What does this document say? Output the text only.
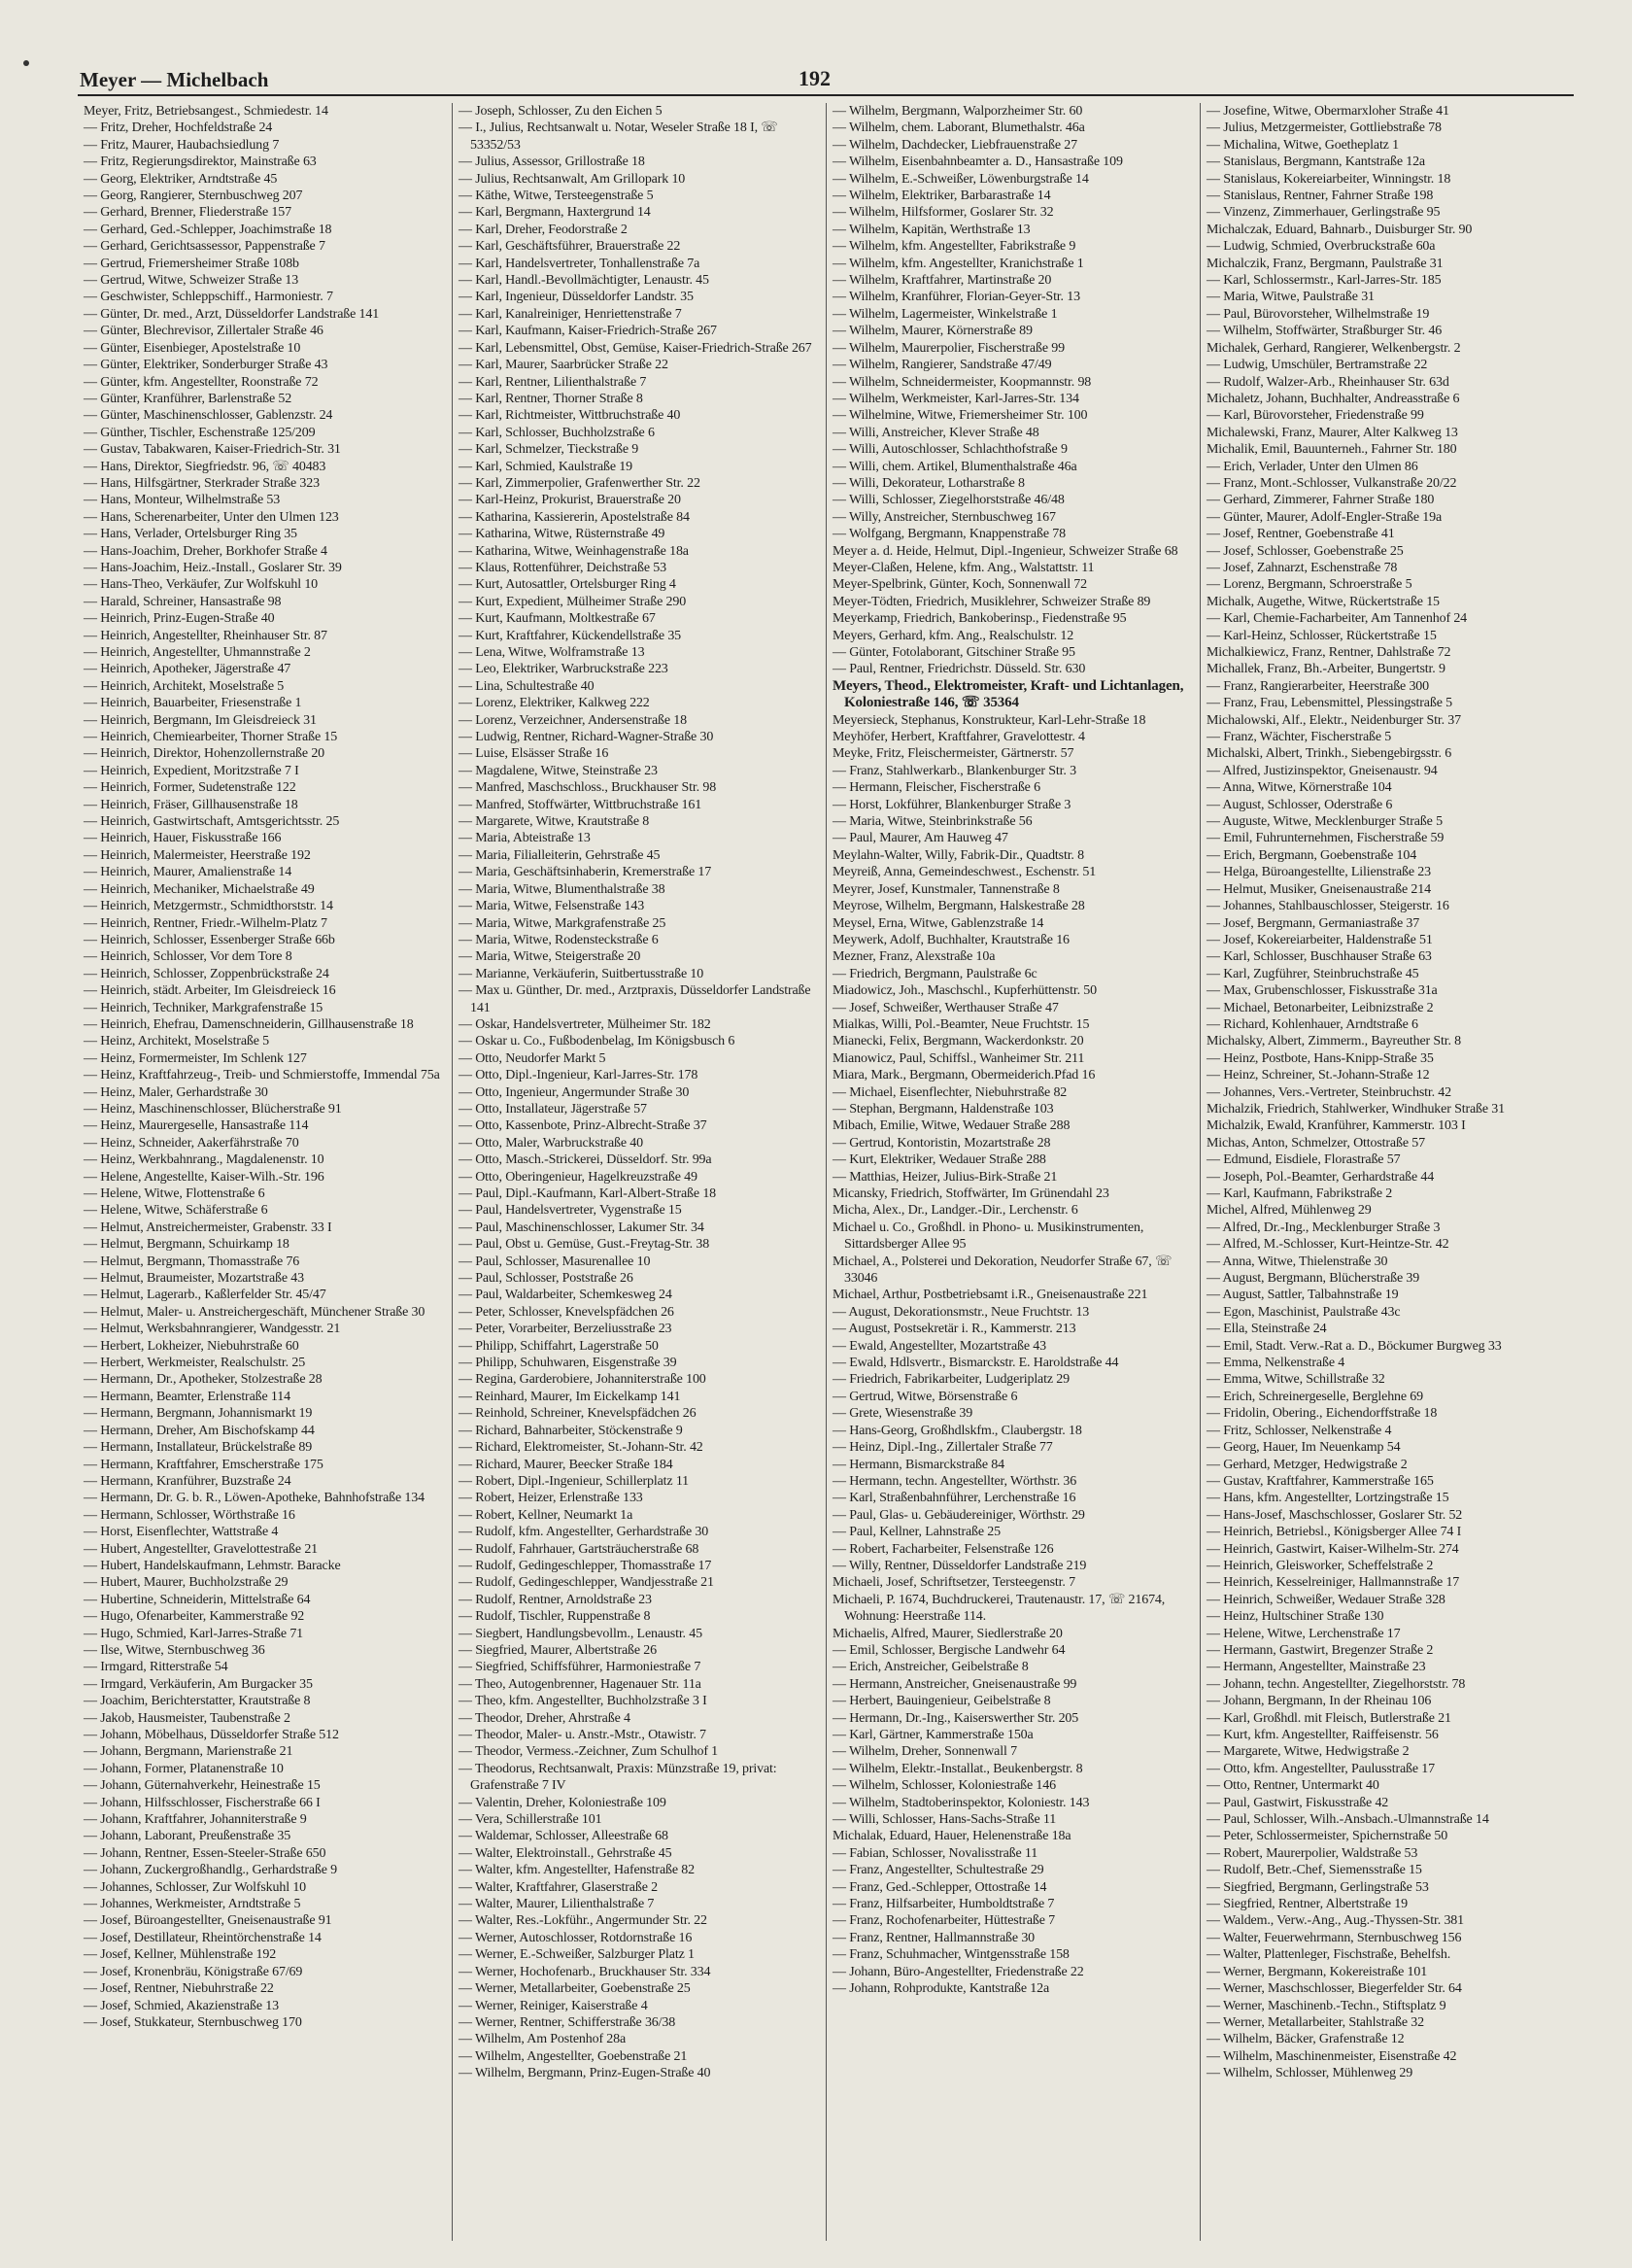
Meyer — Michelbach	192

Meyer, Fritz, Betriebsangest., Schmiedestr. 14

— Fritz, Dreher, Hochfeldstraße 24

— Fritz, Maurer, Haubachsiedlung 7

— Fritz, Regierungsdirektor, Mainstraße 63

— Georg, Elektriker, Arndtstraße 45

— Georg, Rangierer, Sternbuschweg 207

— Gerhard, Brenner, Fliederstraße 157

— Gerhard, Ged.-Schlepper, Joachimstraße 18

— Gerhard, Gerichtsassessor, Pappenstraße 7

— Gertrud, Friemersheimer Straße 108b

— Gertrud, Witwe, Schweizer Straße 13

— Geschwister, Schleppschiff., Harmoniestr. 7

— Günter, Dr. med., Arzt, Düsseldorfer Landstraße 141

— Günter, Blechrevisor, Zillertaler Straße 46

— Günter, Eisenbieger, Apostelstraße 10

— Günter, Elektriker, Sonderburger Straße 43

— Günter, kfm. Angestellter, Roonstraße 72

— Günter, Kranführer, Barlenstraße 52

— Günter, Maschinenschlosser, Gablenzstr. 24

— Günther, Tischler, Eschenstraße 125/209

— Gustav, Tabakwaren, Kaiser-Friedrich-Str. 31

— Hans, Direktor, Siegfriedstr. 96, ☏ 40483

— Hans, Hilfsgärtner, Sterkrader Straße 323

— Hans, Monteur, Wilhelmstraße 53

— Hans, Scherenarbeiter, Unter den Ulmen 123

— Hans, Verlader, Ortelsburger Ring 35

— Hans-Joachim, Dreher, Borkhofer Straße 4

— Hans-Joachim, Heiz.-Install., Goslarer Str. 39

— Hans-Theo, Verkäufer, Zur Wolfskuhl 10

— Harald, Schreiner, Hansastraße 98

— Heinrich, Prinz-Eugen-Straße 40

— Heinrich, Angestellter, Rheinhauser Str. 87

— Heinrich, Angestellter, Uhmannstraße 2

— Heinrich, Apotheker, Jägerstraße 47

— Heinrich, Architekt, Moselstraße 5

— Heinrich, Bauarbeiter, Friesenstraße 1

— Heinrich, Bergmann, Im Gleisdreieck 31

— Heinrich, Chemiearbeiter, Thorner Straße 15

— Heinrich, Direktor, Hohenzollernstraße 20

— Heinrich, Expedient, Moritzstraße 7 I

— Heinrich, Former, Sudetenstraße 122

— Heinrich, Fräser, Gillhausenstraße 18

— Heinrich, Gastwirtschaft, Amtsgerichtsstr. 25

— Heinrich, Hauer, Fiskusstraße 166

— Heinrich, Malermeister, Heerstraße 192

— Heinrich, Maurer, Amalienstraße 14

— Heinrich, Mechaniker, Michaelstraße 49

— Heinrich, Metzgermstr., Schmidthorststr. 14

— Heinrich, Rentner, Friedr.-Wilhelm-Platz 7

— Heinrich, Schlosser, Essenberger Straße 66b

— Heinrich, Schlosser, Vor dem Tore 8

— Heinrich, Schlosser, Zoppenbrückstraße 24

— Heinrich, städt. Arbeiter, Im Gleisdreieck 16

— Heinrich, Techniker, Markgrafenstraße 15

— Heinrich, Ehefrau, Damenschneiderin, Gillhausenstraße 18

— Heinz, Architekt, Moselstraße 5

— Heinz, Formermeister, Im Schlenk 127

— Heinz, Kraftfahrzeug-, Treib- und Schmierstoffe, Immendal 75a

— Heinz, Maler, Gerhardstraße 30

— Heinz, Maschinenschlosser, Blücherstraße 91

— Heinz, Maurergeselle, Hansastraße 114

— Heinz, Schneider, Aakerfährstraße 70

— Heinz, Werkbahnrang., Magdalenenstr. 10

— Helene, Angestellte, Kaiser-Wilh.-Str. 196

— Helene, Witwe, Flottenstraße 6

— Helene, Witwe, Schäferstraße 6

— Helmut, Anstreichermeister, Grabenstr. 33 I

— Helmut, Bergmann, Schuirkamp 18

— Helmut, Bergmann, Thomasstraße 76

— Helmut, Braumeister, Mozartstraße 43

— Helmut, Lagerarb., Kaßlerfelder Str. 45/47

— Helmut, Maler- u. Anstreichergeschäft, Münchener Straße 30

— Helmut, Werksbahnrangierer, Wandgesstr. 21

— Herbert, Lokheizer, Niebuhrstraße 60

— Herbert, Werkmeister, Realschulstr. 25

— Hermann, Dr., Apotheker, Stolzestraße 28

— Hermann, Beamter, Erlenstraße 114

— Hermann, Bergmann, Johannismarkt 19

— Hermann, Dreher, Am Bischofskamp 44

— Hermann, Installateur, Brückelstraße 89

— Hermann, Kraftfahrer, Emscherstraße 175

— Hermann, Kranführer, Buzstraße 24

— Hermann, Dr. G. b. R., Löwen-Apotheke, Bahnhofstraße 134

— Hermann, Schlosser, Wörthstraße 16

— Horst, Eisenflechter, Wattstraße 4

— Hubert, Angestellter, Gravelottestraße 21

— Hubert, Handelskaufmann, Lehmstr. Baracke

— Hubert, Maurer, Buchholzstraße 29

— Hubertine, Schneiderin, Mittelstraße 64

— Hugo, Ofenarbeiter, Kammerstraße 92

— Hugo, Schmied, Karl-Jarres-Straße 71

— Ilse, Witwe, Sternbuschweg 36

— Irmgard, Ritterstraße 54

— Irmgard, Verkäuferin, Am Burgacker 35

— Joachim, Berichterstatter, Krautstraße 8

— Jakob, Hausmeister, Taubenstraße 2

— Johann, Möbelhaus, Düsseldorfer Straße 512

— Johann, Bergmann, Marienstraße 21

— Johann, Former, Platanenstraße 10

— Johann, Güternahverkehr, Heinestraße 15

— Johann, Hilfsschlosser, Fischerstraße 66 I

— Johann, Kraftfahrer, Johanniterstraße 9

— Johann, Laborant, Preußenstraße 35

— Johann, Rentner, Essen-Steeler-Straße 650

— Johann, Zuckergroßhandlg., Gerhardstraße 9

— Johannes, Schlosser, Zur Wolfskuhl 10

— Johannes, Werkmeister, Arndtstraße 5

— Josef, Büroangestellter, Gneisenaustraße 91

— Josef, Destillateur, Rheintörchenstraße 14

— Josef, Kellner, Mühlenstraße 192

— Josef, Kronenbräu, Königstraße 67/69

— Josef, Rentner, Niebuhrstraße 22

— Josef, Schmied, Akazienstraße 13

— Josef, Stukkateur, Sternbuschweg 170

— Joseph, Schlosser, Zu den Eichen 5

— I., Julius, Rechtsanwalt u. Notar, Weseler Straße 18 I, ☏ 53352/53

— Julius, Assessor, Grillostraße 18

— Julius, Rechtsanwalt, Am Grillopark 10

— Käthe, Witwe, Tersteegenstraße 5

— Karl, Bergmann, Haxtergrund 14

— Karl, Dreher, Feodorstraße 2

— Karl, Geschäftsführer, Brauerstraße 22

— Karl, Handelsvertreter, Tonhallenstraße 7a

— Karl, Handl.-Bevollmächtigter, Lenaustr. 45

— Karl, Ingenieur, Düsseldorfer Landstr. 35

— Karl, Kanalreiniger, Henriettenstraße 7

— Karl, Kaufmann, Kaiser-Friedrich-Straße 267

— Karl, Lebensmittel, Obst, Gemüse, Kaiser-Friedrich-Straße 267

— Karl, Maurer, Saarbrücker Straße 22

— Karl, Rentner, Lilienthalstraße 7

— Karl, Rentner, Thorner Straße 8

— Karl, Richtmeister, Wittbruchstraße 40

— Karl, Schlosser, Buchholzstraße 6

— Karl, Schmelzer, Tieckstraße 9

— Karl, Schmied, Kaulstraße 19

— Karl, Zimmerpolier, Grafenwerther Str. 22

— Karl-Heinz, Prokurist, Brauerstraße 20

— Katharina, Kassiererin, Apostelstraße 84

— Katharina, Witwe, Rüsternstraße 49

— Katharina, Witwe, Weinhagenstraße 18a

— Klaus, Rottenführer, Deichstraße 53

— Kurt, Autosattler, Ortelsburger Ring 4

— Kurt, Expedient, Mülheimer Straße 290

— Kurt, Kaufmann, Moltkestraße 67

— Kurt, Kraftfahrer, Kückendellstraße 35

— Lena, Witwe, Wolframstraße 13

— Leo, Elektriker, Warbruckstraße 223

— Lina, Schultestraße 40

— Lorenz, Elektriker, Kalkweg 222

— Lorenz, Verzeichner, Andersenstraße 18

— Ludwig, Rentner, Richard-Wagner-Straße 30

— Luise, Elsässer Straße 16

— Magdalene, Witwe, Steinstraße 23

— Manfred, Maschschloss., Bruckhauser Str. 98

— Manfred, Stoffwärter, Wittbruchstraße 161

— Margarete, Witwe, Krautstraße 8

— Maria, Abteistraße 13

— Maria, Filialleiterin, Gehrstraße 45

— Maria, Geschäftsinhaberin, Kremerstraße 17

— Maria, Witwe, Blumenthalstraße 38

— Maria, Witwe, Felsenstraße 143

— Maria, Witwe, Markgrafenstraße 25

— Maria, Witwe, Rodensteckstraße 6

— Maria, Witwe, Steigerstraße 20

— Marianne, Verkäuferin, Suitbertusstraße 10

— Max u. Günther, Dr. med., Arztpraxis, Düsseldorfer Landstraße 141

— Oskar, Handelsvertreter, Mülheimer Str. 182

— Oskar u. Co., Fußbodenbelag, Im Königsbusch 6

— Otto, Neudorfer Markt 5

— Otto, Dipl.-Ingenieur, Karl-Jarres-Str. 178

— Otto, Ingenieur, Angermunder Straße 30

— Otto, Installateur, Jägerstraße 57

— Otto, Kassenbote, Prinz-Albrecht-Straße 37

— Otto, Maler, Warbruckstraße 40

— Otto, Masch.-Strickerei, Düsseldorf. Str. 99a

— Otto, Oberingenieur, Hagelkreuzstraße 49

— Paul, Dipl.-Kaufmann, Karl-Albert-Straße 18

— Paul, Handelsvertreter, Vygenstraße 15

— Paul, Maschinenschlosser, Lakumer Str. 34

— Paul, Obst u. Gemüse, Gust.-Freytag-Str. 38

— Paul, Schlosser, Masurenallee 10

— Paul, Schlosser, Poststraße 26

— Paul, Waldarbeiter, Schemkesweg 24

— Peter, Schlosser, Knevelspfädchen 26

— Peter, Vorarbeiter, Berzeliusstraße 23

— Philipp, Schiffahrt, Lagerstraße 50

— Philipp, Schuhwaren, Eisgenstraße 39

— Regina, Garderobiere, Johanniterstraße 100

— Reinhard, Maurer, Im Eickelkamp 141

— Reinhold, Schreiner, Knevelspfädchen 26

— Richard, Bahnarbeiter, Stöckenstraße 9

— Richard, Elektromeister, St.-Johann-Str. 42

— Richard, Maurer, Beecker Straße 184

— Robert, Dipl.-Ingenieur, Schillerplatz 11

— Robert, Heizer, Erlenstraße 133

— Robert, Kellner, Neumarkt 1a

— Rudolf, kfm. Angestellter, Gerhardstraße 30

— Rudolf, Fahrhauer, Gartsträucherstraße 68

— Rudolf, Gedingeschlepper, Thomasstraße 17

— Rudolf, Gedingeschlepper, Wandjesstraße 21

— Rudolf, Rentner, Arnoldstraße 23

— Rudolf, Tischler, Ruppenstraße 8

— Siegbert, Handlungsbevollm., Lenaustr. 45

— Siegfried, Maurer, Albertstraße 26

— Siegfried, Schiffsführer, Harmoniestraße 7

— Theo, Autogenbrenner, Hagenauer Str. 11a

— Theo, kfm. Angestellter, Buchholzstraße 3 I

— Theodor, Dreher, Ahrstraße 4

— Theodor, Maler- u. Anstr.-Mstr., Otawistr. 7

— Theodor, Vermess.-Zeichner, Zum Schulhof 1

— Theodorus, Rechtsanwalt, Praxis: Münzstraße 19, privat: Grafenstraße 7 IV

— Valentin, Dreher, Koloniestraße 109

— Vera, Schillerstraße 101

— Waldemar, Schlosser, Alleestraße 68

— Walter, Elektroinstall., Gehrstraße 45

— Walter, kfm. Angestellter, Hafenstraße 82

— Walter, Kraftfahrer, Glaserstraße 2

— Walter, Maurer, Lilienthalstraße 7

— Walter, Res.-Lokführ., Angermunder Str. 22

— Werner, Autoschlosser, Rotdornstraße 16

— Werner, E.-Schweißer, Salzburger Platz 1

— Werner, Hochofenarb., Bruckhauser Str. 334

— Werner, Metallarbeiter, Goebenstraße 25

— Werner, Reiniger, Kaiserstraße 4

— Werner, Rentner, Schifferstraße 36/38

— Wilhelm, Am Postenhof 28a

— Wilhelm, Angestellter, Goebenstraße 21

— Wilhelm, Bergmann, Prinz-Eugen-Straße 40

— Wilhelm, Bergmann, Walporzheimer Str. 60

— Wilhelm, chem. Laborant, Blumethalstr. 46a

— Wilhelm, Dachdecker, Liebfrauenstraße 27

— Wilhelm, Eisenbahnbeamter a. D., Hansastraße 109

— Wilhelm, E.-Schweißer, Löwenburgstraße 14

— Wilhelm, Elektriker, Barbarastraße 14

— Wilhelm, Hilfsformer, Goslarer Str. 32

— Wilhelm, Kapitän, Werthstraße 13

— Wilhelm, kfm. Angestellter, Fabrikstraße 9

— Wilhelm, kfm. Angestellter, Kranichstraße 1

— Wilhelm, Kraftfahrer, Martinstraße 20

— Wilhelm, Kranführer, Florian-Geyer-Str. 13

— Wilhelm, Lagermeister, Winkelstraße 1

— Wilhelm, Maurer, Körnerstraße 89

— Wilhelm, Maurerpolier, Fischerstraße 99

— Wilhelm, Rangierer, Sandstraße 47/49

— Wilhelm, Schneidermeister, Koopmannstr. 98

— Wilhelm, Werkmeister, Karl-Jarres-Str. 134

— Wilhelmine, Witwe, Friemersheimer Str. 100

— Willi, Anstreicher, Klever Straße 48

— Willi, Autoschlosser, Schlachthofstraße 9

— Willi, chem. Artikel, Blumenthalstraße 46a

— Willi, Dekorateur, Lotharstraße 8

— Willi, Schlosser, Ziegelhorststraße 46/48

— Willy, Anstreicher, Sternbuschweg 167

— Wolfgang, Bergmann, Knappenstraße 78

Meyer a. d. Heide, Helmut, Dipl.-Ingenieur, Schweizer Straße 68

Meyer-Claßen, Helene, kfm. Ang., Walstattstr. 11

Meyer-Spelbrink, Günter, Koch, Sonnenwall 72

Meyer-Tödten, Friedrich, Musiklehrer, Schweizer Straße 89

Meyerkamp, Friedrich, Bankoberinsp., Fiedenstraße 95

Meyers, Gerhard, kfm. Ang., Realschulstr. 12

— Günter, Fotolaborant, Gitschiner Straße 95

— Paul, Rentner, Friedrichstr. Düsseld. Str. 630

Meyers, Theod., Elektromeister, Kraft- und Lichtanlagen, Koloniestraße 146, ☏ 35364

Meyersieck, Stephanus, Konstrukteur, Karl-Lehr-Straße 18

Meyhöfer, Herbert, Kraftfahrer, Gravelottestr. 4

Meyke, Fritz, Fleischermeister, Gärtnerstr. 57

— Franz, Stahlwerkarb., Blankenburger Str. 3

— Hermann, Fleischer, Fischerstraße 6

— Horst, Lokführer, Blankenburger Straße 3

— Maria, Witwe, Steinbrinkstraße 56

— Paul, Maurer, Am Hauweg 47

Meylahn-Walter, Willy, Fabrik-Dir., Quadtstr. 8

Meyreiß, Anna, Gemeindeschwest., Eschenstr. 51

Meyrer, Josef, Kunstmaler, Tannenstraße 8

Meyrose, Wilhelm, Bergmann, Halskestraße 28

Meysel, Erna, Witwe, Gablenzstraße 14

Meywerk, Adolf, Buchhalter, Krautstraße 16

Mezner, Franz, Alexstraße 10a

— Friedrich, Bergmann, Paulstraße 6c

Miadowicz, Joh., Maschschl., Kupferhüttenstr. 50

— Josef, Schweißer, Werthauser Straße 47

Mialkas, Willi, Pol.-Beamter, Neue Fruchtstr. 15

Mianecki, Felix, Bergmann, Wackerdonkstr. 20

Mianowicz, Paul, Schiffsl., Wanheimer Str. 211

Miara, Mark., Bergmann, Obermeiderich.Pfad 16

— Michael, Eisenflechter, Niebuhrstraße 82

— Stephan, Bergmann, Haldenstraße 103

Mibach, Emilie, Witwe, Wedauer Straße 288

— Gertrud, Kontoristin, Mozartstraße 28

— Kurt, Elektriker, Wedauer Straße 288

— Matthias, Heizer, Julius-Birk-Straße 21

Micansky, Friedrich, Stoffwärter, Im Grünendahl 23

Micha, Alex., Dr., Landger.-Dir., Lerchenstr. 6

Michael u. Co., Großhdl. in Phono- u. Musikinstrumenten, Sittardsberger Allee 95

Michael, A., Polsterei und Dekoration, Neudorfer Straße 67, ☏ 33046

Michael, Arthur, Postbetriebsamt i.R., Gneisenaustraße 221

— August, Dekorationsmstr., Neue Fruchtstr. 13

— August, Postsekretär i. R., Kammerstr. 213

— Ewald, Angestellter, Mozartstraße 43

— Ewald, Hdlsvertr., Bismarckstr. E. Haroldstraße 44

— Friedrich, Fabrikarbeiter, Ludgeriplatz 29

— Gertrud, Witwe, Börsenstraße 6

— Grete, Wiesenstraße 39

— Hans-Georg, Großhdlskfm., Claubergstr. 18

— Heinz, Dipl.-Ing., Zillertaler Straße 77

— Hermann, Bismarckstraße 84

— Hermann, techn. Angestellter, Wörthstr. 36

— Karl, Straßenbahnführer, Lerchenstraße 16

— Paul, Glas- u. Gebäudereiniger, Wörthstr. 29

— Paul, Kellner, Lahnstraße 25

— Robert, Facharbeiter, Felsenstraße 126

— Willy, Rentner, Düsseldorfer Landstraße 219

Michaeli, Josef, Schriftsetzer, Tersteegenstr. 7

Michaeli, P. 1674, Buchdruckerei, Trautenaustr. 17, ☏ 21674, Wohnung: Heerstraße 114.

Michaelis, Alfred, Maurer, Siedlerstraße 20

— Emil, Schlosser, Bergische Landwehr 64

— Erich, Anstreicher, Geibelstraße 8

— Hermann, Anstreicher, Gneisenaustraße 99

— Herbert, Bauingenieur, Geibelstraße 8

— Hermann, Dr.-Ing., Kaiserswerther Str. 205

— Karl, Gärtner, Kammerstraße 150a

— Wilhelm, Dreher, Sonnenwall 7

— Wilhelm, Elektr.-Installat., Beukenbergstr. 8

— Wilhelm, Schlosser, Koloniestraße 146

— Wilhelm, Stadtoberinspektor, Koloniestr. 143

— Willi, Schlosser, Hans-Sachs-Straße 11

Michalak, Eduard, Hauer, Helenenstraße 18a

— Fabian, Schlosser, Novalisstraße 11

— Franz, Angestellter, Schultestraße 29

— Franz, Ged.-Schlepper, Ottostraße 14

— Franz, Hilfsarbeiter, Humboldtstraße 7

— Franz, Rochofenarbeiter, Hüttestraße 7

— Franz, Rentner, Hallmannstraße 30

— Franz, Schuhmacher, Wintgensstraße 158

— Johann, Büro-Angestellter, Friedenstraße 22

— Johann, Rohprodukte, Kantstraße 12a

— Josefine, Witwe, Obermarxloher Straße 41

— Julius, Metzgermeister, Gottliebstraße 78

— Michalina, Witwe, Goetheplatz 1

— Stanislaus, Bergmann, Kantstraße 12a

— Stanislaus, Kokereiarbeiter, Winningstr. 18

— Stanislaus, Rentner, Fahrner Straße 198

— Vinzenz, Zimmerhauer, Gerlingstraße 95

Michalczak, Eduard, Bahnarb., Duisburger Str. 90

— Ludwig, Schmied, Overbruckstraße 60a

Michalczik, Franz, Bergmann, Paulstraße 31

— Karl, Schlossermstr., Karl-Jarres-Str. 185

— Maria, Witwe, Paulstraße 31

— Paul, Bürovorsteher, Wilhelmstraße 19

— Wilhelm, Stoffwärter, Straßburger Str. 46

Michalek, Gerhard, Rangierer, Welkenbergstr. 2

— Ludwig, Umschüler, Bertramstraße 22

— Rudolf, Walzer-Arb., Rheinhauser Str. 63d

Michaletz, Johann, Buchhalter, Andreasstraße 6

— Karl, Bürovorsteher, Friedenstraße 99

Michalewski, Franz, Maurer, Alter Kalkweg 13

Michalik, Emil, Bauunterneh., Fahrner Str. 180

— Erich, Verlader, Unter den Ulmen 86

— Franz, Mont.-Schlosser, Vulkanstraße 20/22

— Gerhard, Zimmerer, Fahrner Straße 180

— Günter, Maurer, Adolf-Engler-Straße 19a

— Josef, Rentner, Goebenstraße 41

— Josef, Schlosser, Goebenstraße 25

— Josef, Zahnarzt, Eschenstraße 78

— Lorenz, Bergmann, Schroerstraße 5

Michalk, Augethe, Witwe, Rückertstraße 15

— Karl, Chemie-Facharbeiter, Am Tannenhof 24

— Karl-Heinz, Schlosser, Rückertstraße 15

Michalkiewicz, Franz, Rentner, Dahlstraße 72

Michallek, Franz, Bh.-Arbeiter, Bungertstr. 9

— Franz, Rangierarbeiter, Heerstraße 300

— Franz, Frau, Lebensmittel, Plessingstraße 5

Michalowski, Alf., Elektr., Neidenburger Str. 37

— Franz, Wächter, Fischerstraße 5

Michalski, Albert, Trinkh., Siebengebirgsstr. 6

— Alfred, Justizinspektor, Gneisenaustr. 94

— Anna, Witwe, Körnerstraße 104

— August, Schlosser, Oderstraße 6

— Auguste, Witwe, Mecklenburger Straße 5

— Emil, Fuhrunternehmen, Fischerstraße 59

— Erich, Bergmann, Goebenstraße 104

— Helga, Büroangestellte, Lilienstraße 23

— Helmut, Musiker, Gneisenaustraße 214

— Johannes, Stahlbauschlosser, Steigerstr. 16

— Josef, Bergmann, Germaniastraße 37

— Josef, Kokereiarbeiter, Haldenstraße 51

— Karl, Schlosser, Buschhauser Straße 63

— Karl, Zugführer, Steinbruchstraße 45

— Max, Grubenschlosser, Fiskusstraße 31a

— Michael, Betonarbeiter, Leibnizstraße 2

— Richard, Kohlenhauer, Arndtstraße 6

Michalsky, Albert, Zimmerm., Bayreuther Str. 8

— Heinz, Postbote, Hans-Knipp-Straße 35

— Heinz, Schreiner, St.-Johann-Straße 12

— Johannes, Vers.-Vertreter, Steinbruchstr. 42

Michalzik, Friedrich, Stahlwerker, Windhuker Straße 31

Michalzik, Ewald, Kranführer, Kammerstr. 103 I

Michas, Anton, Schmelzer, Ottostraße 57

— Edmund, Eisdiele, Florastraße 57

— Joseph, Pol.-Beamter, Gerhardstraße 44

— Karl, Kaufmann, Fabrikstraße 2

Michel, Alfred, Mühlenweg 29

— Alfred, Dr.-Ing., Mecklenburger Straße 3

— Alfred, M.-Schlosser, Kurt-Heintze-Str. 42

— Anna, Witwe, Thielenstraße 30

— August, Bergmann, Blücherstraße 39

— August, Sattler, Talbahnstraße 19

— Egon, Maschinist, Paulstraße 43c

— Ella, Steinstraße 24

— Emil, Stadt. Verw.-Rat a. D., Böckumer Burgweg 33

— Emma, Nelkenstraße 4

— Emma, Witwe, Schillstraße 32

— Erich, Schreinergeselle, Berglehne 69

— Fridolin, Obering., Eichendorffstraße 18

— Fritz, Schlosser, Nelkenstraße 4

— Georg, Hauer, Im Neuenkamp 54

— Gerhard, Metzger, Hedwigstraße 2

— Gustav, Kraftfahrer, Kammerstraße 165

— Hans, kfm. Angestellter, Lortzingstraße 15

— Hans-Josef, Maschschlosser, Goslarer Str. 52

— Heinrich, Betriebsl., Königsberger Allee 74 I

— Heinrich, Gastwirt, Kaiser-Wilhelm-Str. 274

— Heinrich, Gleisworker, Scheffelstraße 2

— Heinrich, Kesselreiniger, Hallmannstraße 17

— Heinrich, Schweißer, Wedauer Straße 328

— Heinz, Hultschiner Straße 130

— Helene, Witwe, Lerchenstraße 17

— Hermann, Gastwirt, Bregenzer Straße 2

— Hermann, Angestellter, Mainstraße 23

— Johann, techn. Angestellter, Ziegelhorststr. 78

— Johann, Bergmann, In der Rheinau 106

— Karl, Großhdl. mit Fleisch, Butlerstraße 21

— Kurt, kfm. Angestellter, Raiffeisenstr. 56

— Margarete, Witwe, Hedwigstraße 2

— Otto, kfm. Angestellter, Paulusstraße 17

— Otto, Rentner, Untermarkt 40

— Paul, Gastwirt, Fiskusstraße 42

— Paul, Schlosser, Wilh.-Ansbach.-Ulmannstraße 14

— Peter, Schlossermeister, Spichernstraße 50

— Robert, Maurerpolier, Waldstraße 53

— Rudolf, Betr.-Chef, Siemensstraße 15

— Siegfried, Bergmann, Gerlingstraße 53

— Siegfried, Rentner, Albertstraße 19

— Waldem., Verw.-Ang., Aug.-Thyssen-Str. 381

— Walter, Feuerwehrmann, Sternbuschweg 156

— Walter, Plattenleger, Fischstraße, Behelfsh.

— Werner, Bergmann, Kokereistraße 101

— Werner, Maschschlosser, Biegerfelder Str. 64

— Werner, Maschinenb.-Techn., Stiftsplatz 9

— Werner, Metallarbeiter, Stahlstraße 32

— Wilhelm, Bäcker, Grafenstraße 12

— Wilhelm, Maschinenmeister, Eisenstraße 42

— Wilhelm, Schlosser, Mühlenweg 29
